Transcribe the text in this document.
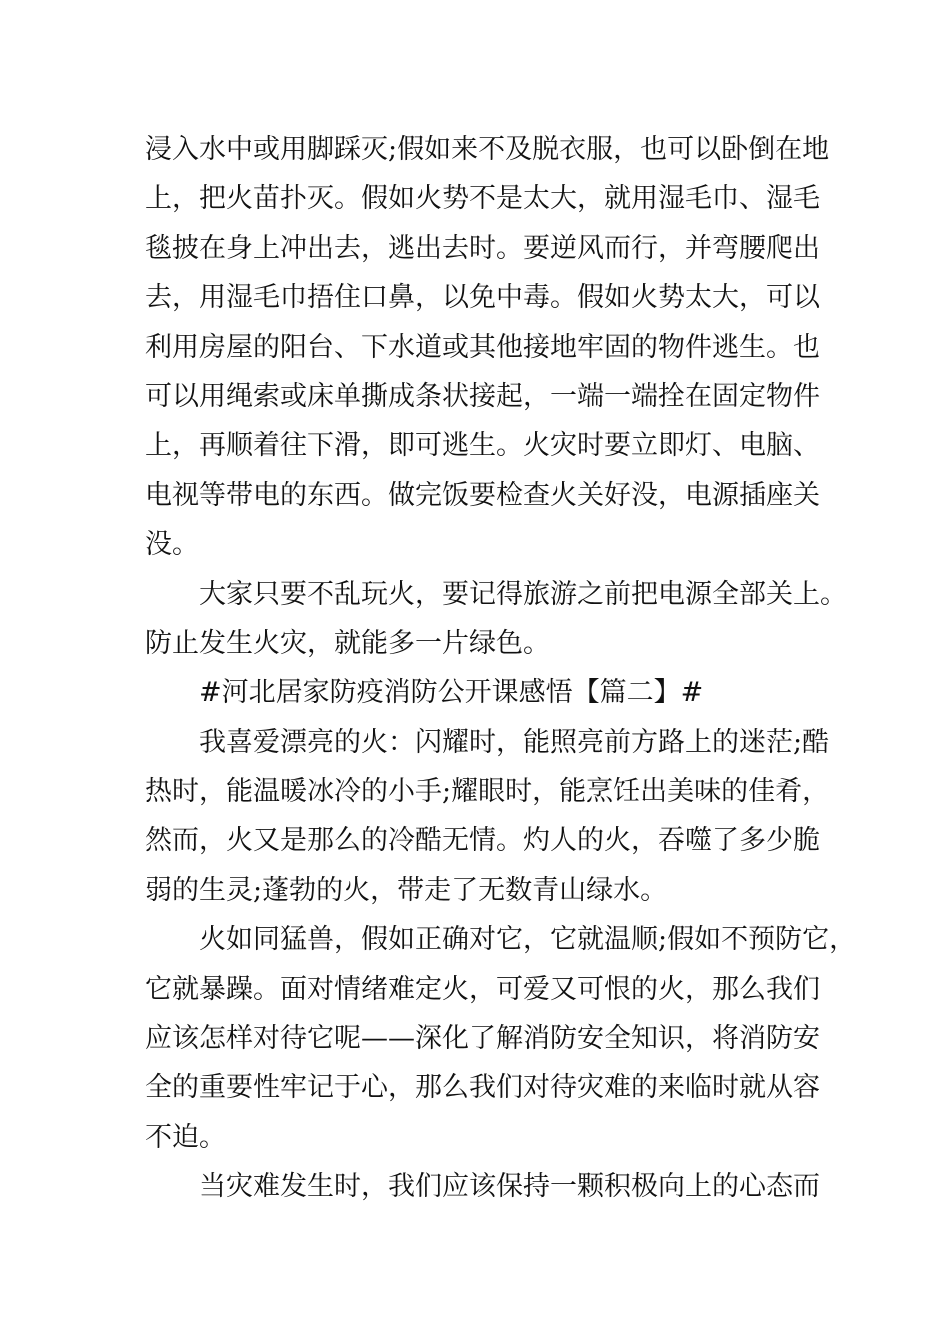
浸入水中或用脚踩灭;假如来不及脱衣服，也可以卧倒在地
上，把火苗扑灭。假如火势不是太大，就用湿毛巾、湿毛
毯披在身上冲出去，逃出去时。要逆风而行，并弯腰爬出
去，用湿毛巾捂住口鼻，以免中毒。假如火势太大，可以
利用房屋的阳台、下水道或其他接地牢固的物件逃生。也
可以用绳索或床单撕成条状接起，一端一端拴在固定物件
上，再顺着往下滑，即可逃生。火灾时要立即灯、电脑、
电视等带电的东西。做完饭要检查火关好没，电源插座关
没。

大家只要不乱玩火，要记得旅游之前把电源全部关上。
防止发生火灾，就能多一片绿色。

#河北居家防疫消防公开课感悟【篇二】#

我喜爱漂亮的火：闪耀时，能照亮前方路上的迷茫;酷
热时，能温暖冰冷的小手;耀眼时，能烹饪出美味的佳肴，
然而，火又是那么的冷酷无情。灼人的火，吞噬了多少脆
弱的生灵;蓬勃的火，带走了无数青山绿水。

火如同猛兽，假如正确对它，它就温顺;假如不预防它，
它就暴躁。面对情绪难定火，可爱又可恨的火，那么我们
应该怎样对待它呢——深化了解消防安全知识，将消防安
全的重要性牢记于心，那么我们对待灾难的来临时就从容
不迫。

当灾难发生时，我们应该保持一颗积极向上的心态而
